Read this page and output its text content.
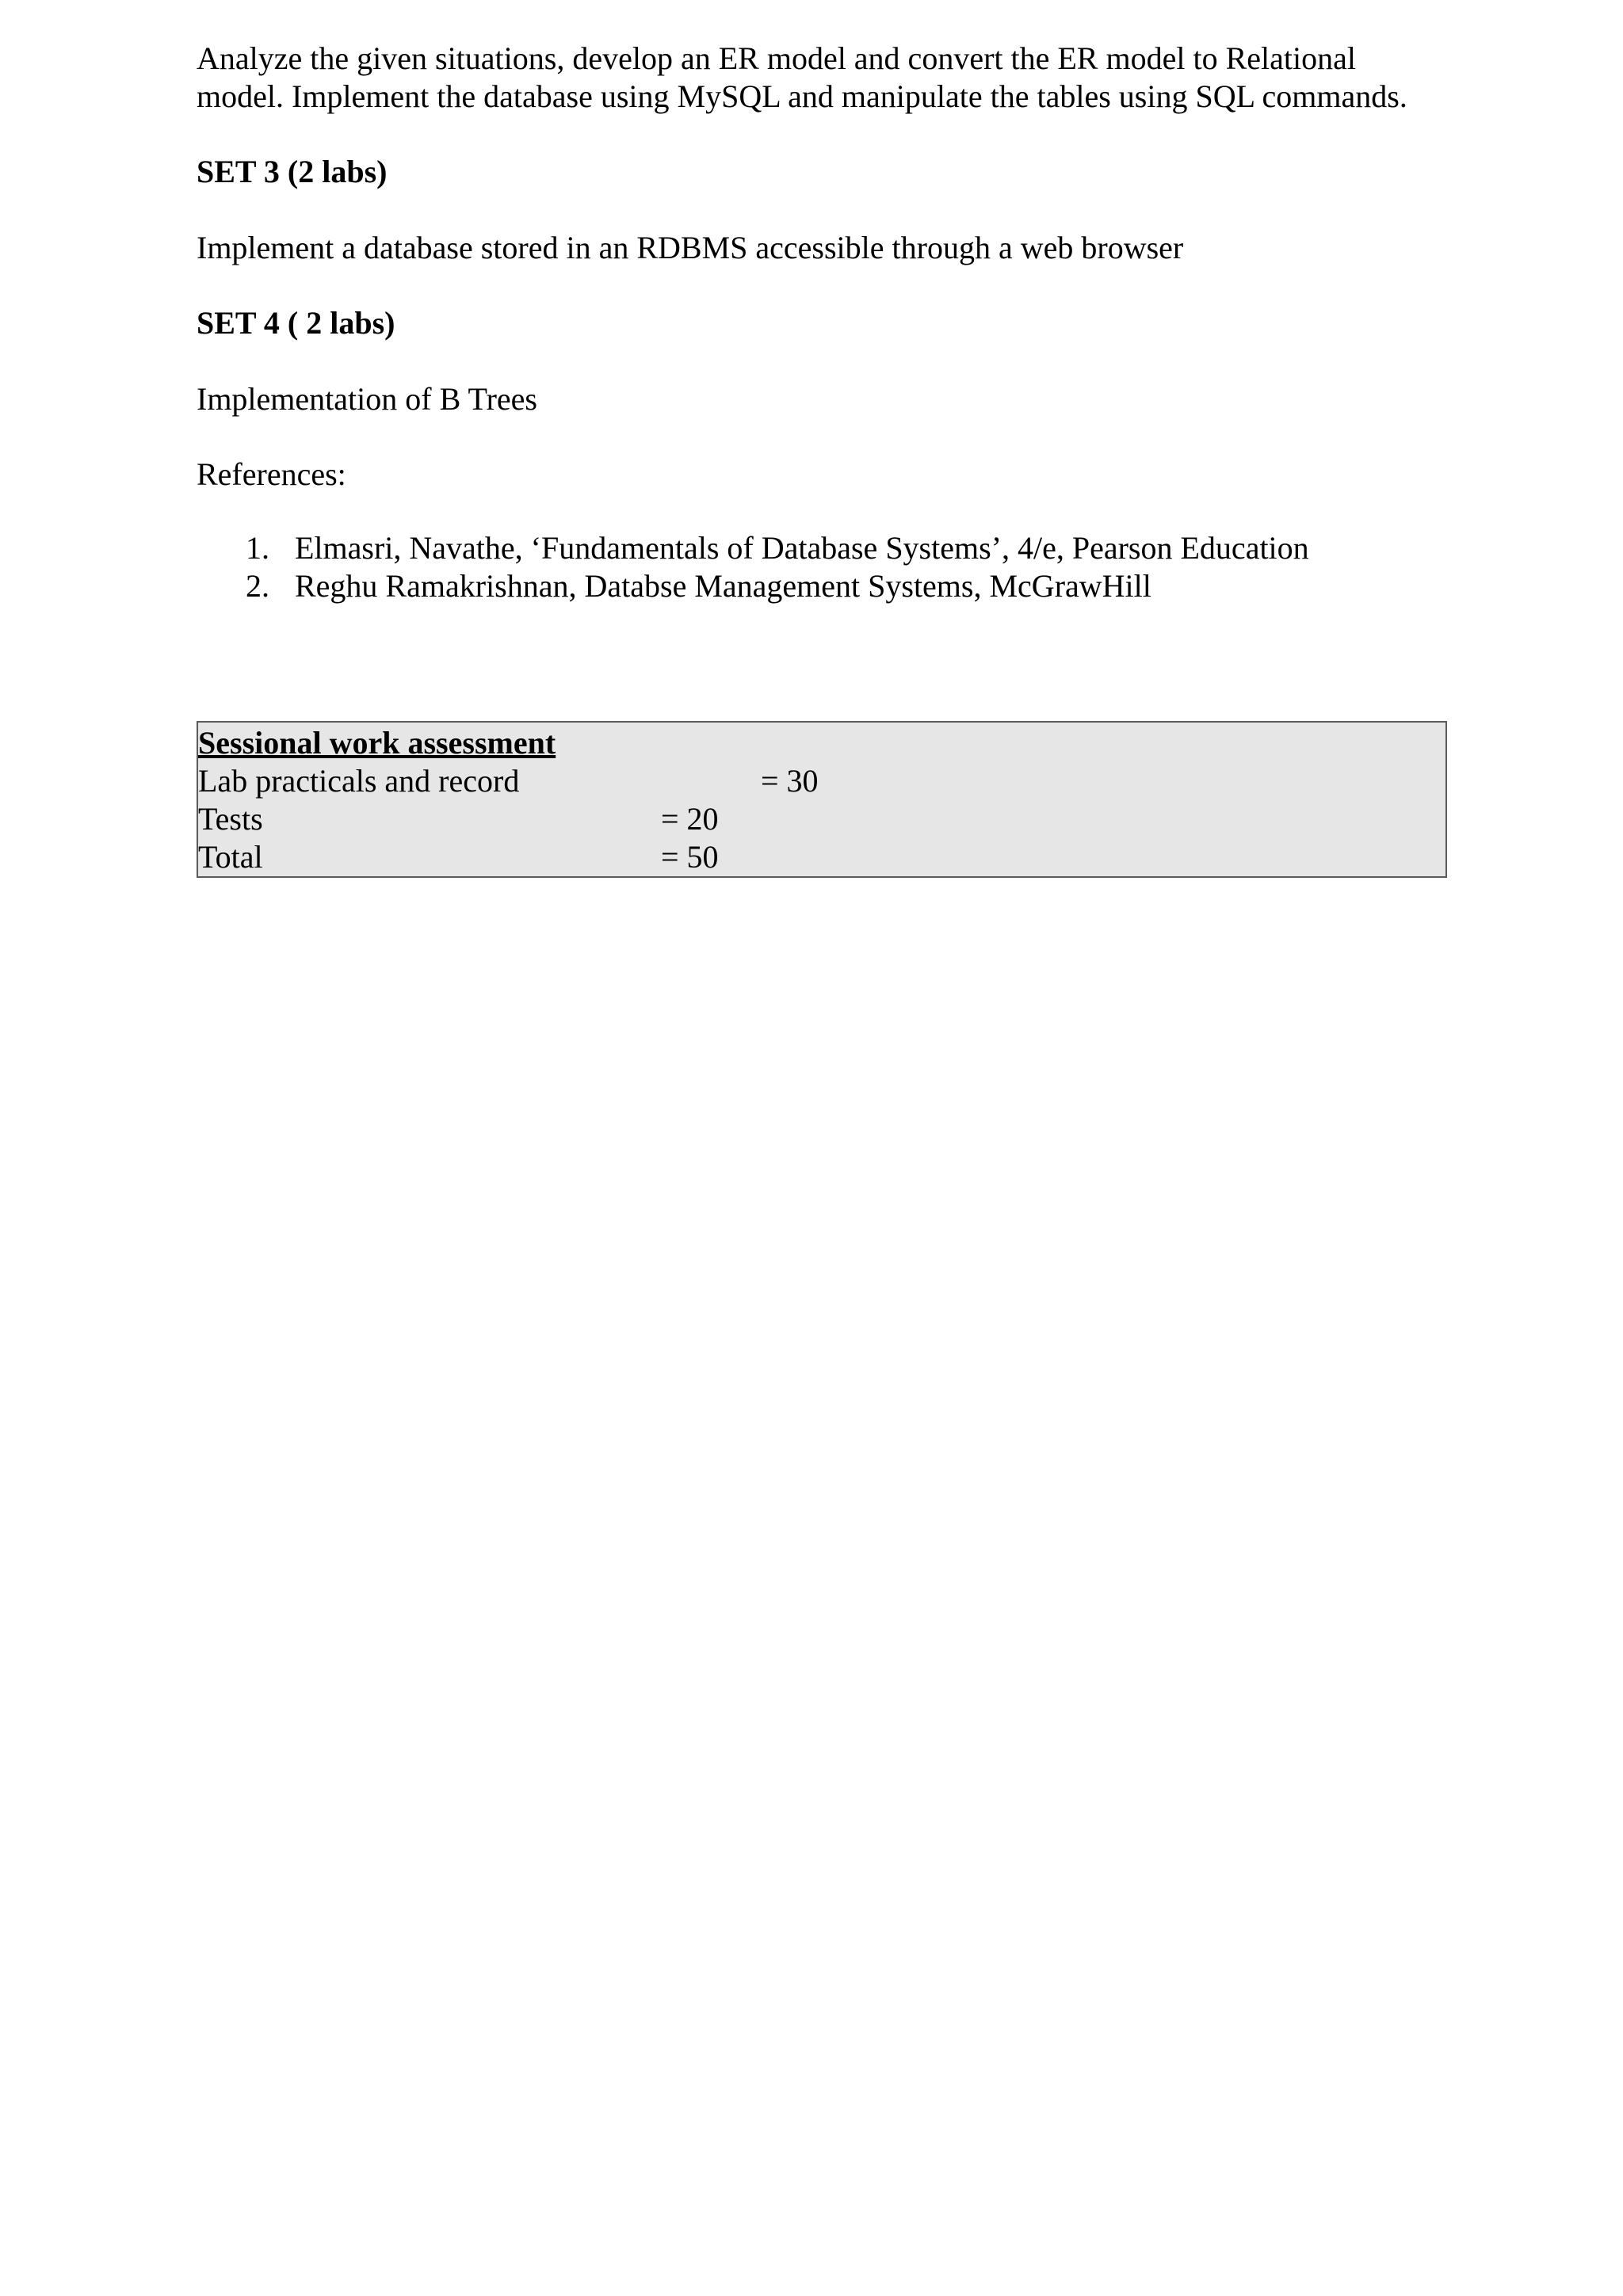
Analyze the given situations, develop an ER model and convert the ER model to Relational
model. Implement the database using MySQL and manipulate the tables using SQL commands.
SET 3 (2 labs)
Implement a database stored in an RDBMS accessible through a web browser
SET 4 ( 2 labs)
Implementation of B Trees
References:
1. Elmasri, Navathe, ‘Fundamentals of Database Systems’, 4/e, Pearson Education
2. Reghu Ramakrishnan, Databse Management Systems, McGrawHill
Sessional work assessment
Lab practicals and record	= 30
Tests	= 20
Total	= 50
